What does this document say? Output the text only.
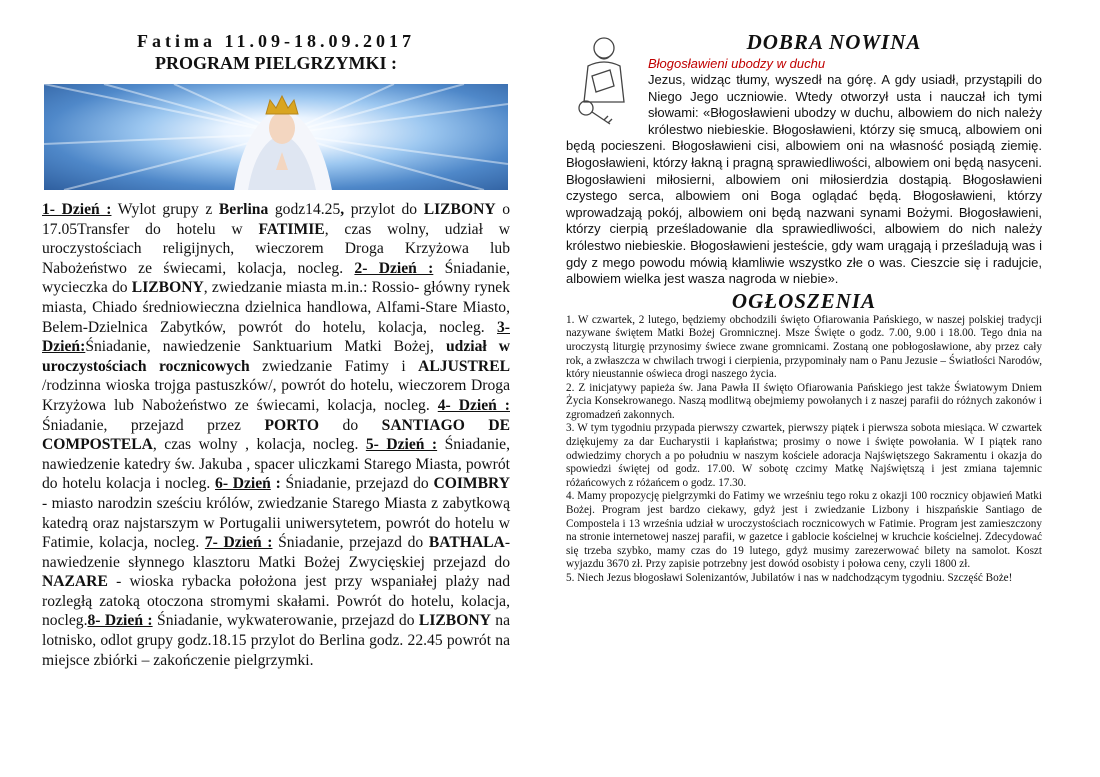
Fatima 11.09-18.09.2017

PROGRAM PIELGRZYMKI :

1- Dzień : Wylot grupy z Berlina godz14.25, przylot do LIZBONY o 17.05Transfer do hotelu w FATIMIE, czas wolny, udział w uroczystościach religijnych, wieczorem Droga Krzyżowa lub Nabożeństwo ze świecami, kolacja, nocleg. 2- Dzień : Śniadanie, wycieczka do LIZBONY, zwiedzanie miasta m.in.: Rossio- główny rynek miasta, Chiado średniowieczna dzielnica handlowa, Alfami-Stare Miasto, Belem-Dzielnica Zabytków, powrót do hotelu, kolacja, nocleg. 3- Dzień:Śniadanie, nawiedzenie Sanktuarium Matki Bożej, udział w uroczystościach rocznicowych zwiedzanie Fatimy i ALJUSTREL /rodzinna wioska trojga pastuszków/, powrót do hotelu, wieczorem Droga Krzyżowa lub Nabożeństwo ze świecami, kolacja, nocleg. 4- Dzień : Śniadanie, przejazd przez PORTO do SANTIAGO DE COMPOSTELA, czas wolny , kolacja, nocleg. 5- Dzień : Śniadanie, nawiedzenie katedry św. Jakuba , spacer uliczkami Starego Miasta, powrót do hotelu kolacja i nocleg. 6- Dzień : Śniadanie, przejazd do COIMBRY - miasto narodzin sześciu królów, zwiedzanie Starego Miasta z zabytkową katedrą oraz najstarszym w Portugalii uniwersytetem, powrót do hotelu w Fatimie, kolacja, nocleg. 7- Dzień : Śniadanie, przejazd do BATHALA- nawiedzenie słynnego klasztoru Matki Bożej Zwycięskiej przejazd do NAZARE - wioska rybacka położona jest przy wspaniałej plaży nad rozległą zatoką otoczona stromymi skałami. Powrót do hotelu, kolacja, nocleg.8- Dzień : Śniadanie, wykwaterowanie, przejazd do LIZBONY na lotnisko, odlot grupy godz.18.15 przylot do Berlina godz. 22.45 powrót na miejsce zbiórki – zakończenie pielgrzymki.

DOBRA NOWINA

Błogosławieni ubodzy w duchu

Jezus, widząc tłumy, wyszedł na górę. A gdy usiadł, przystąpili do Niego Jego uczniowie. Wtedy otworzył usta i nauczał ich tymi słowami: «Błogosławieni ubodzy w duchu, albowiem do nich należy królestwo niebieskie. Błogosławieni, którzy się smucą, albowiem oni będą pocieszeni. Błogosławieni cisi, albowiem oni na własność posiądą ziemię. Błogosławieni, którzy łakną i pragną sprawiedliwości, albowiem oni będą nasyceni. Błogosławieni miłosierni, albowiem oni miłosierdzia dostąpią. Błogosławieni czystego serca, albowiem oni Boga oglądać będą. Błogosławieni, którzy wprowadzają pokój, albowiem oni będą nazwani synami Bożymi. Błogosławieni, którzy cierpią prześladowanie dla sprawiedliwości, albowiem do nich należy królestwo niebieskie. Błogosławieni jesteście, gdy wam urągają i prześladują was i gdy z mego powodu mówią kłamliwie wszystko złe o was. Cieszcie się i radujcie, albowiem wielka jest wasza nagroda w niebie».

OGŁOSZENIA

1. W czwartek, 2 lutego, będziemy obchodzili święto Ofiarowania Pańskiego, w naszej polskiej tradycji nazywane świętem Matki Bożej Gromnicznej. Msze Święte o godz. 7.00, 9.00 i 18.00. Tego dnia na uroczystą liturgię przynosimy świece zwane gromnicami. Zostaną one pobłogosławione, aby przez cały rok, a zwłaszcza w chwilach trwogi i cierpienia, przypominały nam o Panu Jezusie – Światłości Narodów, który nieustannie oświeca drogi naszego życia.

2. Z inicjatywy papieża św. Jana Pawła II święto Ofiarowania Pańskiego jest także Światowym Dniem Życia Konsekrowanego. Naszą modlitwą obejmiemy powołanych i z naszej parafii do różnych zakonów i zgromadzeń zakonnych.

3. W tym tygodniu przypada pierwszy czwartek, pierwszy piątek i pierwsza sobota miesiąca. W czwartek dziękujemy za dar Eucharystii i kapłaństwa; prosimy o nowe i święte powołania. W I piątek rano odwiedzimy chorych a po południu w naszym kościele adoracja Najświętszego Sakramentu i okazja do spowiedzi świętej od godz. 17.00. W sobotę czcimy Matkę Najświętszą i jest zmiana tajemnic różańcowych z różańcem o godz. 17.30.

4. Mamy propozycję pielgrzymki do Fatimy we wrześniu tego roku z okazji 100 rocznicy objawień Matki Bożej. Program jest bardzo ciekawy, gdyż jest i zwiedzanie Lizbony i hiszpańskie Santiago de Compostela i 13 września udział w uroczystościach rocznicowych w Fatimie. Program jest zamieszczony na stronie internetowej naszej parafii, w gazetce i gablocie kościelnej w kruchcie kościelnej. Zdecydować się trzeba szybko, mamy czas do 19 lutego, gdyż musimy zarezerwować bilety na samolot. Koszt wyjazdu 3670 zł. Przy zapisie potrzebny jest dowód osobisty i połowa ceny, czyli 1800 zł.

5. Niech Jezus błogosławi Solenizantów, Jubilatów i nas w nadchodzącym tygodniu. Szczęść Boże!
